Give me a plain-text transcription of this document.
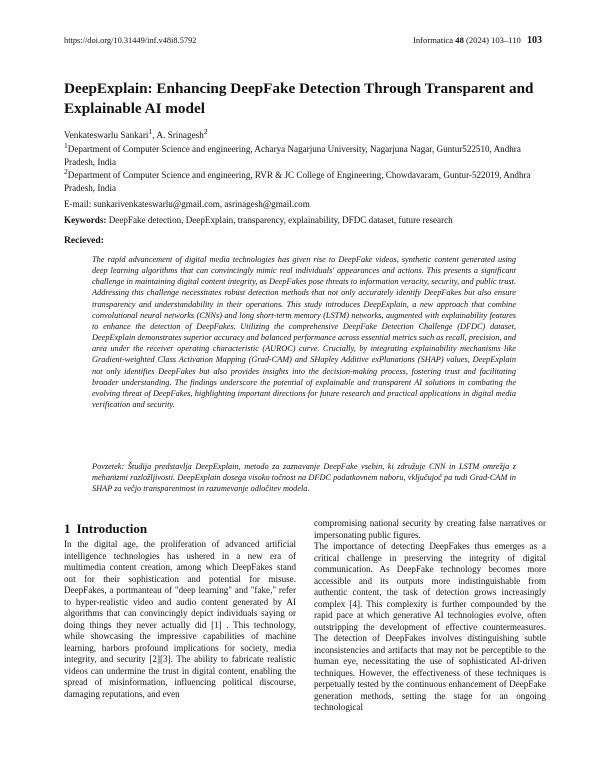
https://doi.org/10.31449/inf.v48i8.5792	Informatica 48 (2024) 103–110 103
DeepExplain: Enhancing DeepFake Detection Through Transparent and Explainable AI model
Venkateswarlu Sankari$^1$, A. Srinagesh$^2$
$^1$Department of Computer Science and engineering, Acharya Nagarjuna University, Nagarjuna Nagar, Guntur522510, Andhra Pradesh, India
$^2$Department of Computer Science and engineering, RVR & JC College of Engineering, Chowdavaram, Guntur-522019, Andhra Pradesh, India
E-mail: sunkarivenkateswarlu@gmail.com, asrinagesh@gmail.com
Keywords: DeepFake detection, DeepExplain, transparency, explainability, DFDC dataset, future research
Recieved:

The rapid advancement of digital media technologies has given rise to DeepFake videos, synthetic content generated using deep learning algorithms that can convincingly mimic real individuals' appearances and actions. This presents a significant challenge in maintaining digital content integrity, as DeepFakes pose threats to information veracity, security, and public trust. Addressing this challenge necessitates robust detection methods that not only accurately identify DeepFakes but also ensure transparency and understandability in their operations. This study introduces DeepExplain, a new approach that combine convolutional neural networks (CNNs) and long short-term memory (LSTM) networks, augmented with explainability features to enhance the detection of DeepFakes. Utilizing the comprehensive DeepFake Detection Challenge (DFDC) dataset, DeepExplain demonstrates superior accuracy and balanced performance across essential metrics such as recall, precision, and area under the receiver operating characteristic (AUROC) curve. Crucially, by integrating explainability mechanisms like Gradient-weighted Class Activation Mapping (Grad-CAM) and SHapley Additive exPlanations (SHAP) values, DeepExplain not only identifies DeepFakes but also provides insights into the decision-making process, fostering trust and facilitating broader understanding. The findings underscore the potential of explainable and transparent AI solutions in combating the evolving threat of DeepFakes, highlighting important directions for future research and practical applications in digital media verification and security.

Povzetek: Študija predstavlja DeepExplain, metodo za zaznavanje DeepFake vsebin, ki združuje CNN in LSTM omrežja z mehanizmi razložljivosti. DeepExplain dosega visoko točnost na DFDC podatkovnem naboru, vključujoč pa tudi Grad-CAM in SHAP za večjo transparentnost in razumevanje odločitev modela.

1 Introduction

In the digital age, the proliferation of advanced artificial intelligence technologies has ushered in a new era of multimedia content creation, among which DeepFakes stand out for their sophistication and potential for misuse. DeepFakes, a portmanteau of "deep learning" and "fake," refer to hyper-realistic video and audio content generated by AI algorithms that can convincingly depict individuals saying or doing things they never actually did [1] . This technology, while showcasing the impressive capabilities of machine learning, harbors profound implications for society, media integrity, and security [2][3]. The ability to fabricate realistic videos can undermine the trust in digital content, enabling the spread of misinformation, influencing political discourse, damaging reputations, and even

compromising national security by creating false narratives or impersonating public figures.

The importance of detecting DeepFakes thus emerges as a critical challenge in preserving the integrity of digital communication. As DeepFake technology becomes more accessible and its outputs more indistinguishable from authentic content, the task of detection grows increasingly complex [4]. This complexity is further compounded by the rapid pace at which generative AI technologies evolve, often outstripping the development of effective countermeasures. The detection of DeepFakes involves distinguishing subtle inconsistencies and artifacts that may not be perceptible to the human eye, necessitating the use of sophisticated AI-driven techniques. However, the effectiveness of these techniques is perpetually tested by the continuous enhancement of DeepFake generation methods, setting the stage for an ongoing technological
